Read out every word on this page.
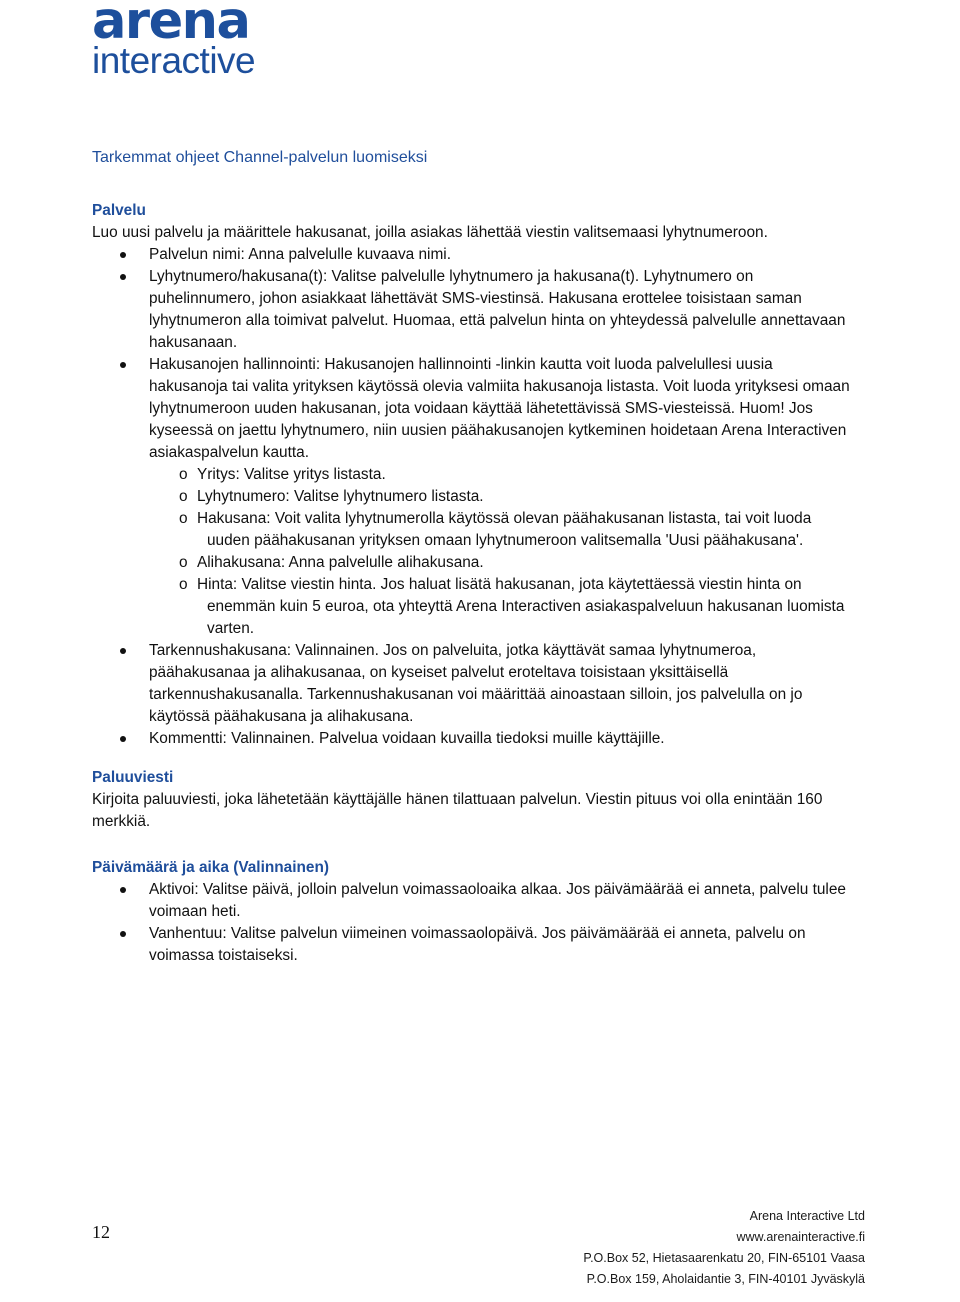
arena
interactive
Tarkemmat ohjeet Channel-palvelun luomiseksi
Palvelu

Luo uusi palvelu ja määrittele hakusanat, joilla asiakas lähettää viestin valitsemaasi lyhytnumeroon.

Palvelun nimi: Anna palvelulle kuvaava nimi.
Lyhytnumero/hakusana(t): Valitse palvelulle lyhytnumero ja hakusana(t). Lyhytnumero on puhelinnumero, johon asiakkaat lähettävät SMS-viestinsä. Hakusana erottelee toisistaan saman lyhytnumeron alla toimivat palvelut. Huomaa, että palvelun hinta on yhteydessä palvelulle annettavaan hakusanaan.
Hakusanojen hallinnointi: Hakusanojen hallinnointi -linkin kautta voit luoda palvelullesi uusia hakusanoja tai valita yrityksen käytössä olevia valmiita hakusanoja listasta. Voit luoda yrityksesi omaan lyhytnumeroon uuden hakusanan, jota voidaan käyttää lähetettävissä SMS-viesteissä. Huom! Jos kyseessä on jaettu lyhytnumero, niin uusien päähakusanojen kytkeminen hoidetaan Arena Interactiven asiakaspalvelun kautta.
o Yritys: Valitse yritys listasta.
o Lyhytnumero: Valitse lyhytnumero listasta.
o Hakusana: Voit valita lyhytnumerolla käytössä olevan päähakusanan listasta, tai voit luoda uuden päähakusanan yrityksen omaan lyhytnumeroon valitsemalla 'Uusi päähakusana'.
o Alihakusana: Anna palvelulle alihakusana.
o Hinta: Valitse viestin hinta. Jos haluat lisätä hakusanan, jota käytettäessä viestin hinta on enemmän kuin 5 euroa, ota yhteyttä Arena Interactiven asiakaspalveluun hakusanan luomista varten.
Tarkennushakusana: Valinnainen. Jos on palveluita, jotka käyttävät samaa lyhytnumeroa, päähakusanaa ja alihakusanaa, on kyseiset palvelut eroteltava toisistaan yksittäisellä tarkennushakusanalla. Tarkennushakusanan voi määrittää ainoastaan silloin, jos palvelulla on jo käytössä päähakusana ja alihakusana.
Kommentti: Valinnainen. Palvelua voidaan kuvailla tiedoksi muille käyttäjille.
Paluuviesti

Kirjoita paluuviesti, joka lähetetään käyttäjälle hänen tilattuaan palvelun. Viestin pituus voi olla enintään 160 merkkiä.

Päivämäärä ja aika (Valinnainen)
Aktivoi: Valitse päivä, jolloin palvelun voimassaoloaika alkaa. Jos päivämäärää ei anneta, palvelu tulee voimaan heti.
Vanhentuu: Valitse palvelun viimeinen voimassaolopäivä. Jos päivämäärää ei anneta, palvelu on voimassa toistaiseksi.
12
Arena Interactive Ltd
www.arenainteractive.fi
P.O.Box 52, Hietasaarenkatu 20, FIN-65101 Vaasa
P.O.Box 159, Aholaidantie 3, FIN-40101 Jyväskylä
